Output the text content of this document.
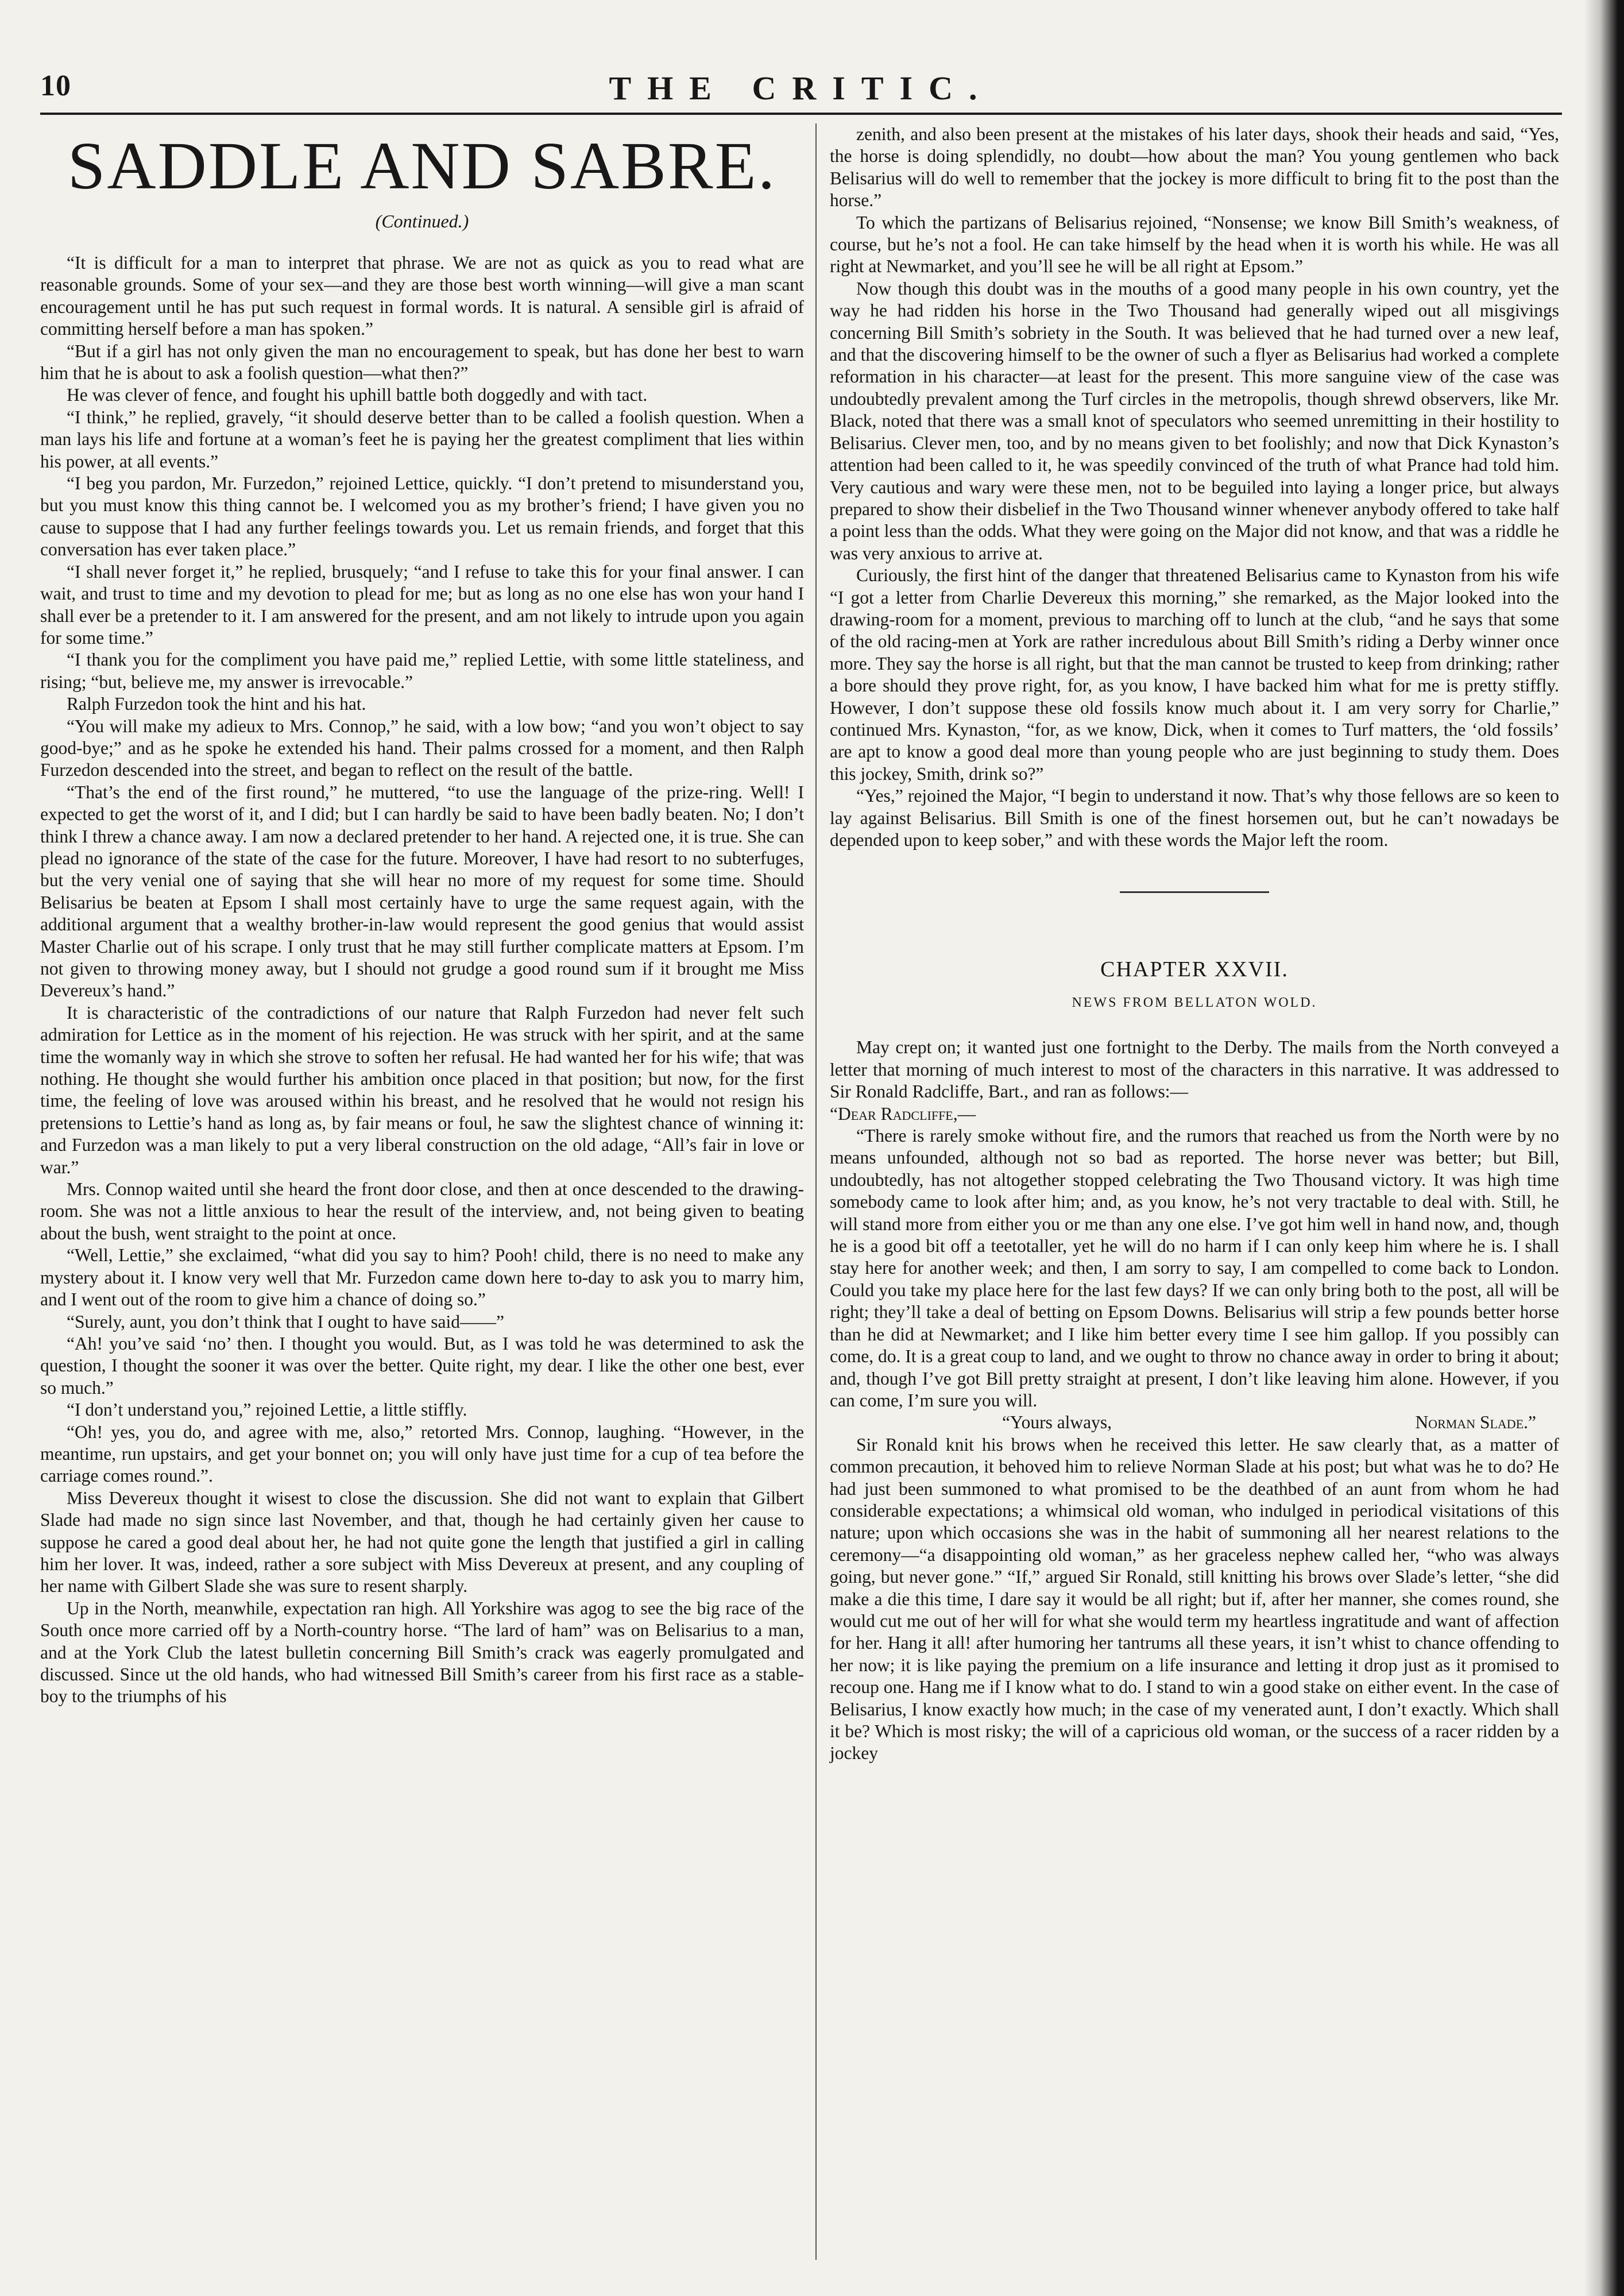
10	THE CRITIC.
SADDLE AND SABRE.
(Continued.)

“It is difficult for a man to interpret that phrase. We are not as quick as you to read what are reasonable grounds. Some of your sex—and they are those best worth winning—will give a man scant encouragement until he has put such request in formal words. It is natural. A sensible girl is afraid of committing herself before a man has spoken.”

“But if a girl has not only given the man no encouragement to speak, but has done her best to warn him that he is about to ask a foolish question—what then?”

He was clever of fence, and fought his uphill battle both doggedly and with tact.

“I think,” he replied, gravely, “it should deserve better than to be called a foolish question. When a man lays his life and fortune at a woman’s feet he is paying her the greatest compliment that lies within his power, at all events.”

“I beg you pardon, Mr. Furzedon,” rejoined Lettice, quickly. “I don’t pretend to misunderstand you, but you must know this thing cannot be. I welcomed you as my brother’s friend; I have given you no cause to suppose that I had any further feelings towards you. Let us remain friends, and forget that this conversation has ever taken place.”

“I shall never forget it,” he replied, brusquely; “and I refuse to take this for your final answer. I can wait, and trust to time and my devotion to plead for me; but as long as no one else has won your hand I shall ever be a pretender to it. I am answered for the present, and am not likely to intrude upon you again for some time.”

“I thank you for the compliment you have paid me,” replied Lettie, with some little stateliness, and rising; “but, believe me, my answer is irrevocable.”

Ralph Furzedon took the hint and his hat.

“You will make my adieux to Mrs. Connop,” he said, with a low bow; “and you won’t object to say good-bye;” and as he spoke he extended his hand. Their palms crossed for a moment, and then Ralph Furzedon descended into the street, and began to reflect on the result of the battle.

“That’s the end of the first round,” he muttered, “to use the language of the prize-ring. Well! I expected to get the worst of it, and I did; but I can hardly be said to have been badly beaten. No; I don’t think I threw a chance away. I am now a declared pretender to her hand. A rejected one, it is true. She can plead no ignorance of the state of the case for the future. Moreover, I have had resort to no subterfuges, but the very venial one of saying that she will hear no more of my request for some time. Should Belisarius be beaten at Epsom I shall most certainly have to urge the same request again, with the additional argument that a wealthy brother-in-law would represent the good genius that would assist Master Charlie out of his scrape. I only trust that he may still further complicate matters at Epsom. I’m not given to throwing money away, but I should not grudge a good round sum if it brought me Miss Devereux’s hand.”

It is characteristic of the contradictions of our nature that Ralph Furzedon had never felt such admiration for Lettice as in the moment of his rejection. He was struck with her spirit, and at the same time the womanly way in which she strove to soften her refusal. He had wanted her for his wife; that was nothing. He thought she would further his ambition once placed in that position; but now, for the first time, the feeling of love was aroused within his breast, and he resolved that he would not resign his pretensions to Lettie’s hand as long as, by fair means or foul, he saw the slightest chance of winning it: and Furzedon was a man likely to put a very liberal construction on the old adage, “All’s fair in love or war.”

Mrs. Connop waited until she heard the front door close, and then at once descended to the drawing-room. She was not a little anxious to hear the result of the interview, and, not being given to beating about the bush, went straight to the point at once.

“Well, Lettie,” she exclaimed, “what did you say to him? Pooh! child, there is no need to make any mystery about it. I know very well that Mr. Furzedon came down here to-day to ask you to marry him, and I went out of the room to give him a chance of doing so.”

“Surely, aunt, you don’t think that I ought to have said——”

“Ah! you’ve said ‘no’ then. I thought you would. But, as I was told he was determined to ask the question, I thought the sooner it was over the better. Quite right, my dear. I like the other one best, ever so much.”

“I don’t understand you,” rejoined Lettie, a little stiffly.

“Oh! yes, you do, and agree with me, also,” retorted Mrs. Connop, laughing. “However, in the meantime, run upstairs, and get your bonnet on; you will only have just time for a cup of tea before the carriage comes round.”.

Miss Devereux thought it wisest to close the discussion. She did not want to explain that Gilbert Slade had made no sign since last November, and that, though he had certainly given her cause to suppose he cared a good deal about her, he had not quite gone the length that justified a girl in calling him her lover. It was, indeed, rather a sore subject with Miss Devereux at present, and any coupling of her name with Gilbert Slade she was sure to resent sharply.

Up in the North, meanwhile, expectation ran high. All Yorkshire was agog to see the big race of the South once more carried off by a North-country horse. “The lard of ham” was on Belisarius to a man, and at the York Club the latest bulletin concerning Bill Smith’s crack was eagerly promulgated and discussed. Since ut the old hands, who had witnessed Bill Smith’s career from his first race as a stable-boy to the triumphs of his

zenith, and also been present at the mistakes of his later days, shook their heads and said, “Yes, the horse is doing splendidly, no doubt—how about the man? You young gentlemen who back Belisarius will do well to remember that the jockey is more difficult to bring fit to the post than the horse.”

To which the partizans of Belisarius rejoined, “Nonsense; we know Bill Smith’s weakness, of course, but he’s not a fool. He can take himself by the head when it is worth his while. He was all right at Newmarket, and you’ll see he will be all right at Epsom.”

Now though this doubt was in the mouths of a good many people in his own country, yet the way he had ridden his horse in the Two Thousand had generally wiped out all misgivings concerning Bill Smith’s sobriety in the South. It was believed that he had turned over a new leaf, and that the discovering himself to be the owner of such a flyer as Belisarius had worked a complete reformation in his character—at least for the present. This more sanguine view of the case was undoubtedly prevalent among the Turf circles in the metropolis, though shrewd observers, like Mr. Black, noted that there was a small knot of speculators who seemed unremitting in their hostility to Belisarius. Clever men, too, and by no means given to bet foolishly; and now that Dick Kynaston’s attention had been called to it, he was speedily convinced of the truth of what Prance had told him. Very cautious and wary were these men, not to be beguiled into laying a longer price, but always prepared to show their disbelief in the Two Thousand winner whenever anybody offered to take half a point less than the odds. What they were going on the Major did not know, and that was a riddle he was very anxious to arrive at.

Curiously, the first hint of the danger that threatened Belisarius came to Kynaston from his wife “I got a letter from Charlie Devereux this morning,” she remarked, as the Major looked into the drawing-room for a moment, previous to marching off to lunch at the club, “and he says that some of the old racing-men at York are rather incredulous about Bill Smith’s riding a Derby winner once more. They say the horse is all right, but that the man cannot be trusted to keep from drinking; rather a bore should they prove right, for, as you know, I have backed him what for me is pretty stiffly. However, I don’t suppose these old fossils know much about it. I am very sorry for Charlie,” continued Mrs. Kynaston, “for, as we know, Dick, when it comes to Turf matters, the ‘old fossils’ are apt to know a good deal more than young people who are just beginning to study them. Does this jockey, Smith, drink so?”

“Yes,” rejoined the Major, “I begin to understand it now. That’s why those fellows are so keen to lay against Belisarius. Bill Smith is one of the finest horsemen out, but he can’t nowadays be depended upon to keep sober,” and with these words the Major left the room.

CHAPTER XXVII.
NEWS FROM BELLATON WOLD.

May crept on; it wanted just one fortnight to the Derby. The mails from the North conveyed a letter that morning of much interest to most of the characters in this narrative. It was addressed to Sir Ronald Radcliffe, Bart., and ran as follows:—

“Dear Radcliffe,—

“There is rarely smoke without fire, and the rumors that reached us from the North were by no means unfounded, although not so bad as reported. The horse never was better; but Bill, undoubtedly, has not altogether stopped celebrating the Two Thousand victory. It was high time somebody came to look after him; and, as you know, he’s not very tractable to deal with. Still, he will stand more from either you or me than any one else. I’ve got him well in hand now, and, though he is a good bit off a teetotaller, yet he will do no harm if I can only keep him where he is. I shall stay here for another week; and then, I am sorry to say, I am compelled to come back to London. Could you take my place here for the last few days? If we can only bring both to the post, all will be right; they’ll take a deal of betting on Epsom Downs. Belisarius will strip a few pounds better horse than he did at Newmarket; and I like him better every time I see him gallop. If you possibly can come, do. It is a great coup to land, and we ought to throw no chance away in order to bring it about; and, though I’ve got Bill pretty straight at present, I don’t like leaving him alone. However, if you can come, I’m sure you will.

“Yours always,	Norman Slade.”

Sir Ronald knit his brows when he received this letter. He saw clearly that, as a matter of common precaution, it behoved him to relieve Norman Slade at his post; but what was he to do? He had just been summoned to what promised to be the deathbed of an aunt from whom he had considerable expectations; a whimsical old woman, who indulged in periodical visitations of this nature; upon which occasions she was in the habit of summoning all her nearest relations to the ceremony—“a disappointing old woman,” as her graceless nephew called her, “who was always going, but never gone.” “If,” argued Sir Ronald, still knitting his brows over Slade’s letter, “she did make a die this time, I dare say it would be all right; but if, after her manner, she comes round, she would cut me out of her will for what she would term my heartless ingratitude and want of affection for her. Hang it all! after humoring her tantrums all these years, it isn’t whist to chance offending to her now; it is like paying the premium on a life insurance and letting it drop just as it promised to recoup one. Hang me if I know what to do. I stand to win a good stake on either event. In the case of Belisarius, I know exactly how much; in the case of my venerated aunt, I don’t exactly. Which shall it be? Which is most risky; the will of a capricious old woman, or the success of a racer ridden by a jockey
